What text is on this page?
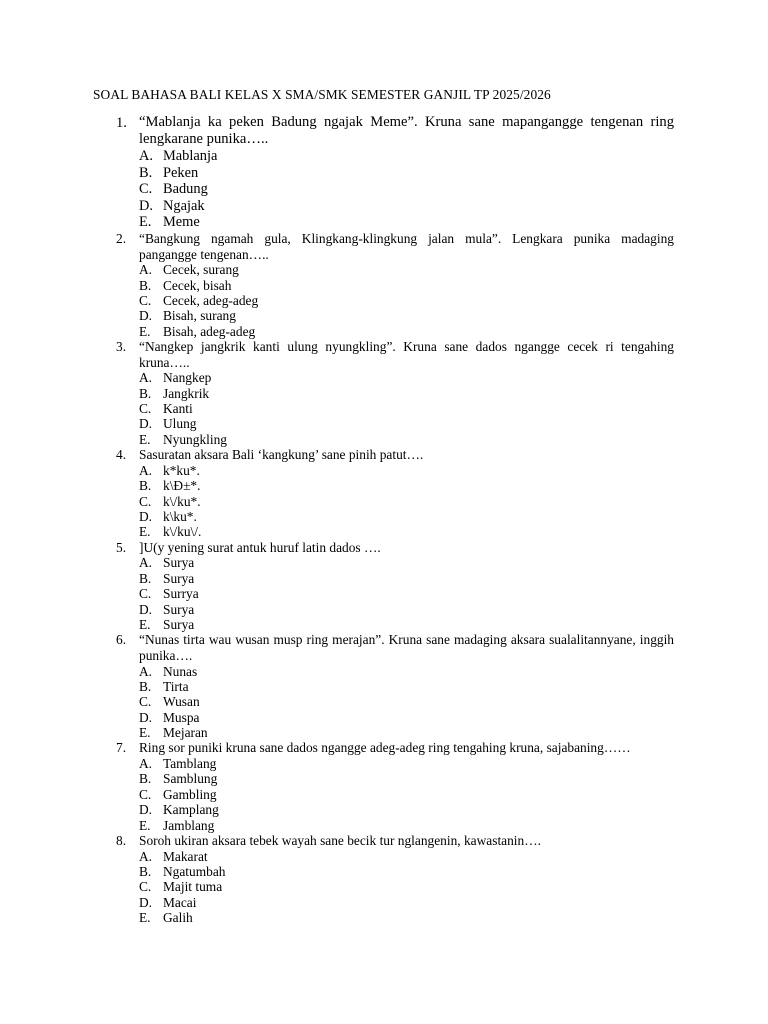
SOAL BAHASA BALI KELAS X SMA/SMK SEMESTER GANJIL TP 2025/2026
1. “Mablanja ka peken Badung ngajak Meme”. Kruna sane mapangangge tengenan ring lengkarane punika…..
A. Mablanja
B. Peken
C. Badung
D. Ngajak
E. Meme
2. “Bangkung ngamah gula, Klingkang-klingkung jalan mula”. Lengkara punika madaging pangangge tengenan…..
A. Cecek, surang
B. Cecek, bisah
C. Cecek, adeg-adeg
D. Bisah, surang
E. Bisah, adeg-adeg
3. “Nangkep jangkrik kanti ulung nyungkling”. Kruna sane dados ngangge cecek ri tengahing kruna…..
A. Nangkep
B. Jangkrik
C. Kanti
D. Ulung
E. Nyungkling
4. Sasuratan aksara Bali ‘kangkung’ sane pinih patut….
A. k*ku*.
B. k\Ð±*.
C. k\/ku*.
D. k\ku*.
E. k\/ku\/.
5. ]U(y yening surat antuk huruf latin dados ….
A. Surya
B. Surya
C. Surrya
D. Surya
E. Surya
6. “Nunas tirta wau wusan musp ring merajan”. Kruna sane madaging aksara sualalitannyane, inggih punika….
A. Nunas
B. Tirta
C. Wusan
D. Muspa
E. Mejaran
7. Ring sor puniki kruna sane dados ngangge adeg-adeg ring tengahing kruna, sajabaning……
A. Tamblang
B. Samblung
C. Gambling
D. Kamplang
E. Jamblang
8. Soroh ukiran aksara tebek wayah sane becik tur nglangenin, kawastanin….
A. Makarat
B. Ngatumbah
C. Majit tuma
D. Macai
E. Galih
